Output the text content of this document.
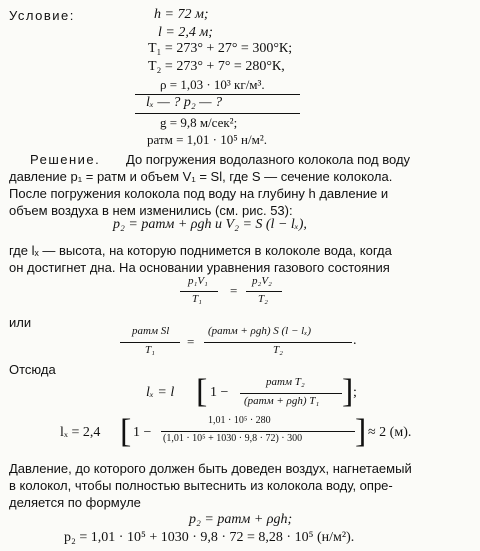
Условие:	h = 72 м;
l = 2,4 м;
T₁ = 273° + 27° = 300°К;
T₂ = 273° + 7° = 280°К,
ρ = 1,03 · 10³ кг/м³.
lₓ — ? p₂ — ?
g = 9,8 м/сек²;
pатм = 1,01 · 10⁵ н/м².
Решение. До погружения водолазного колокола под воду
давление p₁ = pатм и объем V₁ = Sl, где S — сечение колокола.
После погружения колокола под воду на глубину h давление и
объем воздуха в нем изменились (см. рис. 53):
p₂ = pатм + ρgh и V₂ = S (l − lₓ),
где lₓ — высота, на которую поднимется в колоколе вода, когда
он достигнет дна. На основании уравнения газового состояния
p₁V₁
T₁
=
p₂V₂
T₂
или
pатм Sl
T₁
=
(pатм + ρgh) S (l − lₓ)
T₂
.
Отсюда
lₓ = l [ 1 −
pатм T₂
(pатм + ρgh) T₁ ] ;
lₓ = 2,4 [ 1 −
1,01 · 10⁵ · 280
(1,01 · 10⁵ + 1030 · 9,8 · 72) · 300 ] ≈ 2 (м).
Давление, до которого должен быть доведен воздух, нагнетаемый
в колокол, чтобы полностью вытеснить из колокола воду, опре-
деляется по формуле
p₂ = pатм + ρgh;
p₂ = 1,01 · 10⁵ + 1030 · 9,8 · 72 = 8,28 · 10⁵ (н/м²).
